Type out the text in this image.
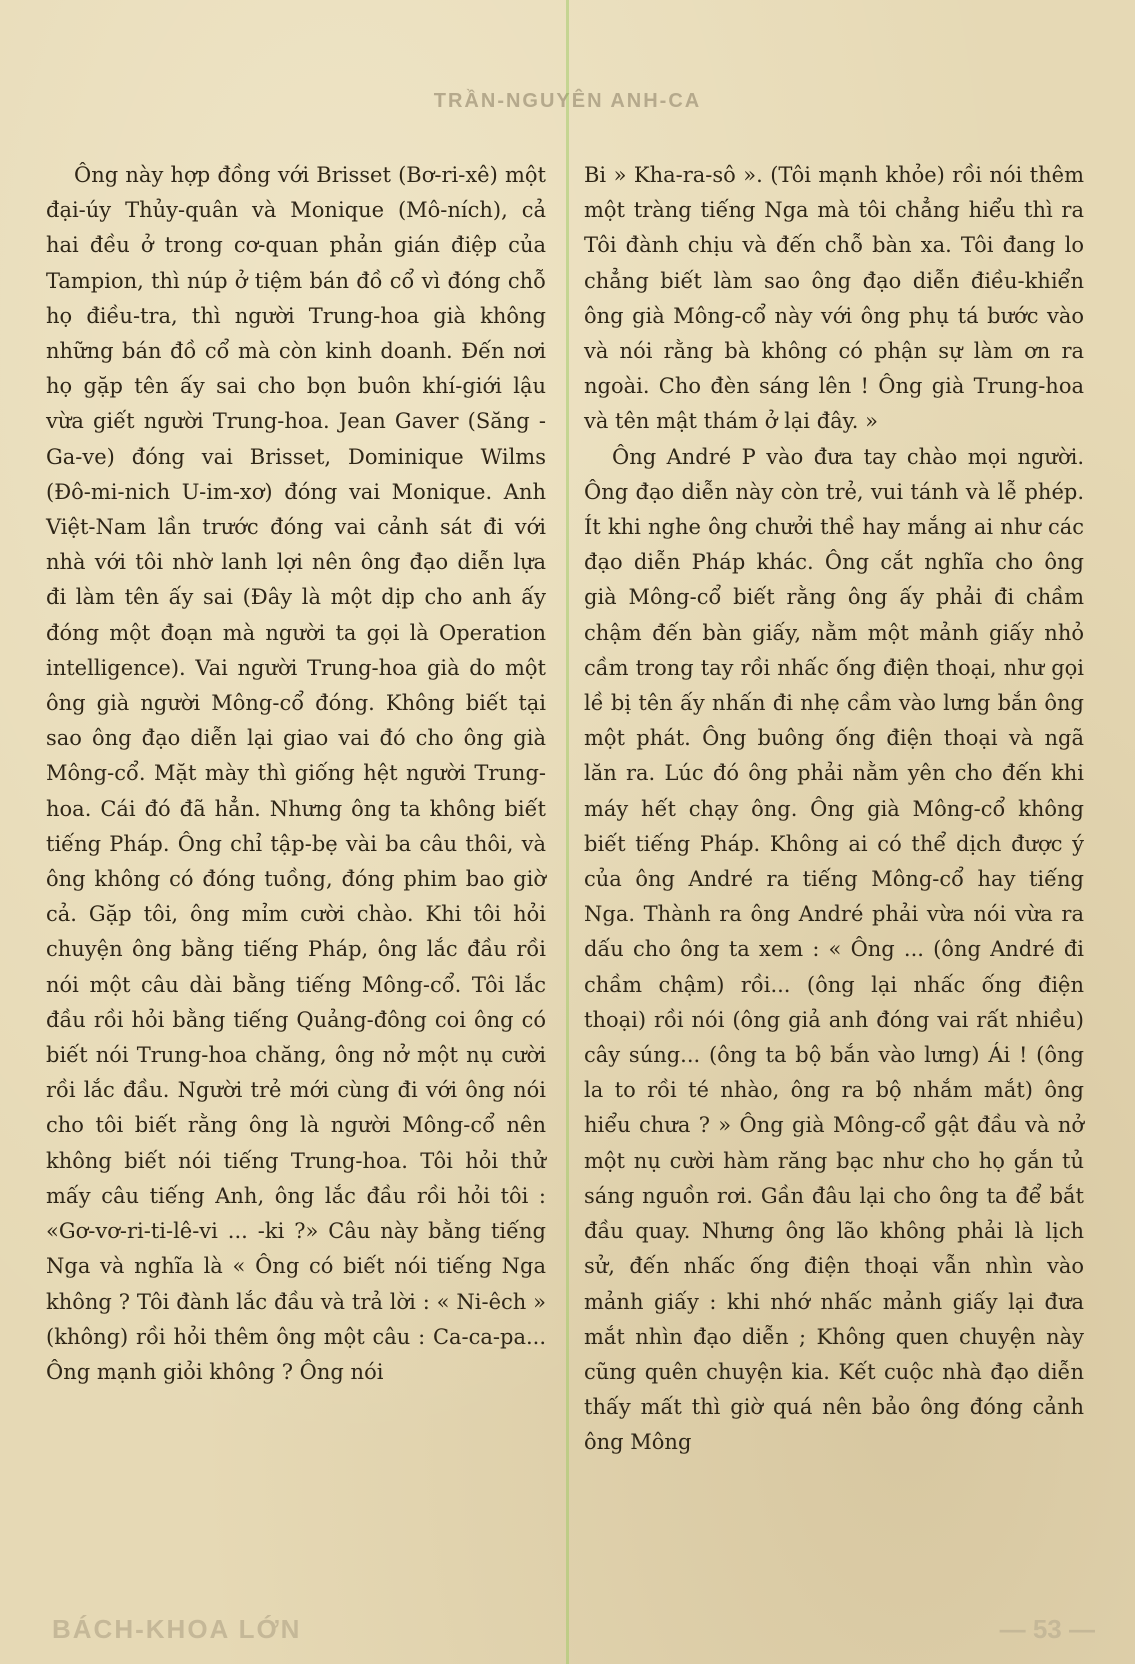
TRẦN-NGUYÊN ANH-CA

Ông này hợp đồng với Brisset (Bơ-ri-xê) một đại-úy Thủy-quân và Monique (Mô-ních), cả hai đều ở trong cơ-quan phản gián điệp của Tampion, thì núp ở tiệm bán đồ cổ vì đóng chỗ họ điều-tra, thì người Trung-hoa già không những bán đồ cổ mà còn kinh doanh. Đến nơi họ gặp tên ấy sai cho bọn buôn khí-giới lậu vừa giết người Trung-hoa. Jean Gaver (Săng - Ga-ve) đóng vai Brisset, Dominique Wilms (Đô-mi-nich U-im-xơ) đóng vai Monique. Anh Việt-Nam lần trước đóng vai cảnh sát đi với nhà với tôi nhờ lanh lợi nên ông đạo diễn lựa đi làm tên ấy sai (Đây là một dịp cho anh ấy đóng một đoạn mà người ta gọi là Operation intelligence). Vai người Trung-hoa già do một ông già người Mông-cổ đóng. Không biết tại sao ông đạo diễn lại giao vai đó cho ông già Mông-cổ. Mặt mày thì giống hệt người Trung-hoa. Cái đó đã hẳn. Nhưng ông ta không biết tiếng Pháp. Ông chỉ tập-bẹ vài ba câu thôi, và ông không có đóng tuồng, đóng phim bao giờ cả. Gặp tôi, ông mỉm cười chào. Khi tôi hỏi chuyện ông bằng tiếng Pháp, ông lắc đầu rồi nói một câu dài bằng tiếng Mông-cổ. Tôi lắc đầu rồi hỏi bằng tiếng Quảng-đông coi ông có biết nói Trung-hoa chăng, ông nở một nụ cười rồi lắc đầu. Người trẻ mới cùng đi với ông nói cho tôi biết rằng ông là người Mông-cổ nên không biết nói tiếng Trung-hoa. Tôi hỏi thử mấy câu tiếng Anh, ông lắc đầu rồi hỏi tôi : «Gơ-vơ-ri-ti-lê-vi ... -ki ?» Câu này bằng tiếng Nga và nghĩa là « Ông có biết nói tiếng Nga không ? Tôi đành lắc đầu và trả lời : « Ni-êch » (không) rồi hỏi thêm ông một câu : Ca-ca-pa... Ông mạnh giỏi không ? Ông nói

Bi » Kha-ra-sô ». (Tôi mạnh khỏe) rồi nói thêm một tràng tiếng Nga mà tôi chẳng hiểu thì ra Tôi đành chịu và đến chỗ bàn xa. Tôi đang lo chẳng biết làm sao ông đạo diễn điều-khiển ông già Mông-cổ này với ông phụ tá bước vào và nói rằng bà không có phận sự làm ơn ra ngoài. Cho đèn sáng lên ! Ông già Trung-hoa và tên mật thám ở lại đây. »

Ông André P vào đưa tay chào mọi người. Ông đạo diễn này còn trẻ, vui tánh và lễ phép. Ít khi nghe ông chưởi thề hay mắng ai như các đạo diễn Pháp khác. Ông cắt nghĩa cho ông già Mông-cổ biết rằng ông ấy phải đi chầm chậm đến bàn giấy, nằm một mảnh giấy nhỏ cầm trong tay rồi nhấc ống điện thoại, như gọi lề bị tên ấy nhấn đi nhẹ cầm vào lưng bắn ông một phát. Ông buông ống điện thoại và ngã lăn ra. Lúc đó ông phải nằm yên cho đến khi máy hết chạy ông. Ông già Mông-cổ không biết tiếng Pháp. Không ai có thể dịch được ý của ông André ra tiếng Mông-cổ hay tiếng Nga. Thành ra ông André phải vừa nói vừa ra dấu cho ông ta xem : « Ông ... (ông André đi chầm chậm) rồi... (ông lại nhấc ống điện thoại) rồi nói (ông giả anh đóng vai rất nhiều) cây súng... (ông ta bộ bắn vào lưng) Ái ! (ông la to rồi té nhào, ông ra bộ nhắm mắt) ông hiểu chưa ? » Ông già Mông-cổ gật đầu và nở một nụ cười hàm răng bạc như cho họ gắn tủ sáng nguồn rơi. Gần đâu lại cho ông ta để bắt đầu quay. Nhưng ông lão không phải là lịch sử, đến nhấc ống điện thoại vẫn nhìn vào mảnh giấy : khi nhớ nhấc mảnh giấy lại đưa mắt nhìn đạo diễn ; Không quen chuyện này cũng quên chuyện kia. Kết cuộc nhà đạo diễn thấy mất thì giờ quá nên bảo ông đóng cảnh ông Mông

BÁCH-KHOA LỚN	— 53 —
